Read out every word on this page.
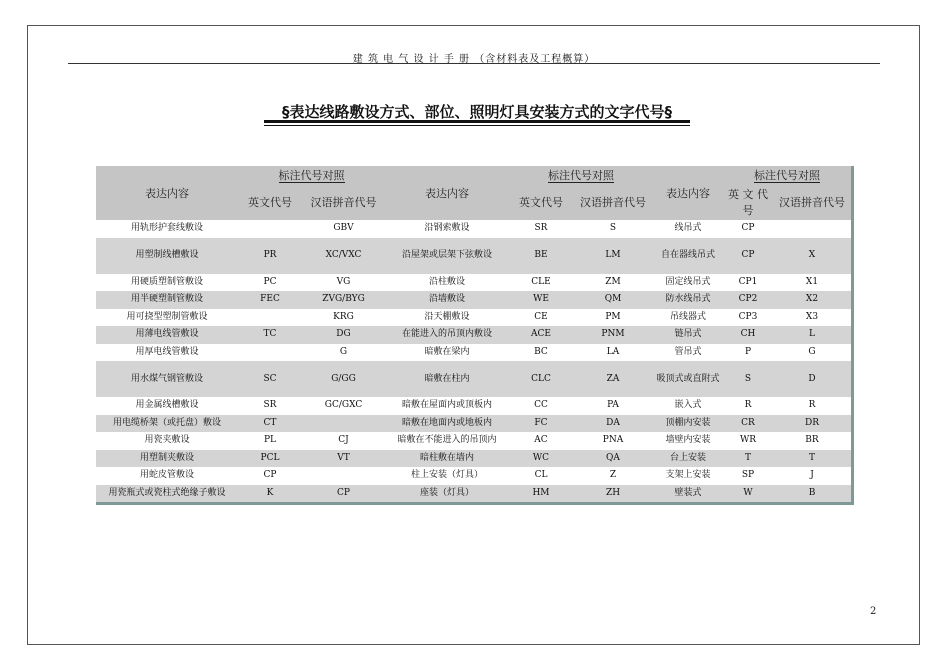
建 筑 电 气 设 计 手 册 （含材料表及工程概算）
§表达线路敷设方式、部位、照明灯具安装方式的文字代号§
表达内容	标注代号对照		表达内容	标注代号对照		表达内容	标注代号对照	
	英文代号	汉语拼音代号		英文代号	汉语拼音代号		英 文 代号	汉语拼音代号
用轨形护套线敷设		GBV	沿钢索敷设	SR	S	线吊式	CP	
用塑制线槽敷设	PR	XC/VXC	沿屋架或层架下弦敷设	BE	LM	自在器线吊式	CP	X
用硬质塑制管敷设	PC	VG	沿柱敷设	CLE	ZM	固定线吊式	CP1	X1
用半硬塑制管敷设	FEC	ZVG/BYG	沿墙敷设	WE	QM	防水线吊式	CP2	X2
用可挠型塑制管敷设		KRG	沿天棚敷设	CE	PM	吊线器式	CP3	X3
用薄电线管敷设	TC	DG	在能进入的吊顶内敷设	ACE	PNM	链吊式	CH	L
用厚电线管敷设		G	暗敷在梁内	BC	LA	管吊式	P	G
用水煤气钢管敷设	SC	G/GG	暗敷在柱内	CLC	ZA	吸顶式或直附式	S	D
用金属线槽敷设	SR	GC/GXC	暗敷在屋面内或顶板内	CC	PA	嵌入式	R	R
用电缆桥架（或托盘）敷设	CT		暗敷在地面内或地板内	FC	DA	顶棚内安装	CR	DR
用瓷夹敷设	PL	CJ	暗敷在不能进入的吊顶内	AC	PNA	墙壁内安装	WR	BR
用塑制夹敷设	PCL	VT	暗柱敷在墙内	WC	QA	台上安装	T	T
用蛇皮管敷设	CP		柱上安装（灯具）	CL	Z	支架上安装	SP	J
用瓷瓶式或瓷柱式绝缘子敷设	K	CP	座装（灯具）	HM	ZH	壁装式	W	B
2
